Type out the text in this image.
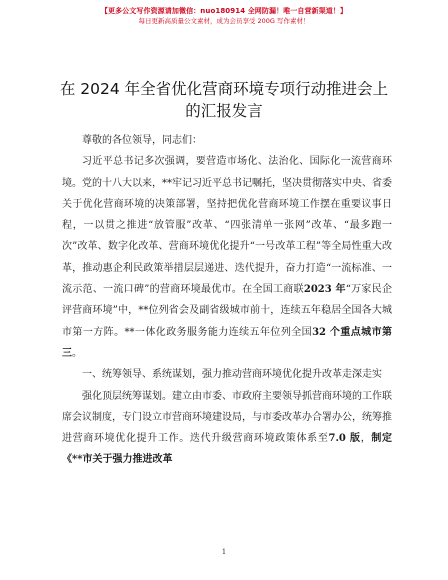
【更多公文写作资源请加微信：nuo180914 全网防漏！唯一自营新渠道！】
每日更新高质量公文素材，成为会员享受 200G 写作素材！
在 2024 年全省优化营商环境专项行动推进会上
的汇报发言

尊敬的各位领导，同志们：

习近平总书记多次强调，要营造市场化、法治化、国际化一流营商环境。党的十八大以来，**牢记习近平总书记嘱托，坚决贯彻落实中央、省委关于优化营商环境的决策部署，坚持把优化营商环境工作摆在重要议事日程，一以贯之推进“放管服”改革、“四张清单一张网”改革、“最多跑一次”改革、数字化改革、营商环境优化提升“一号改革工程”等全局性重大改革，推动惠企利民政策举措层层递进、迭代提升，奋力打造“一流标准、一流示范、一流口碑”的营商环境最优市。在全国工商联2023 年“万家民企评营商环境”中，**位列省会及副省级城市前十，连续五年稳居全国各大城市第一方阵。**一体化政务服务能力连续五年位列全国32 个重点城市第三。

一、统筹领导、系统谋划，强力推动营商环境优化提升改革走深走实

强化顶层统筹谋划。建立由市委、市政府主要领导抓营商环境的工作联席会议制度，专门设立市营商环境建设局，与市委改革办合署办公，统筹推进营商环境优化提升工作。迭代升级营商环境政策体系至7.0 版，制定《**市关于强力推进改革

1
